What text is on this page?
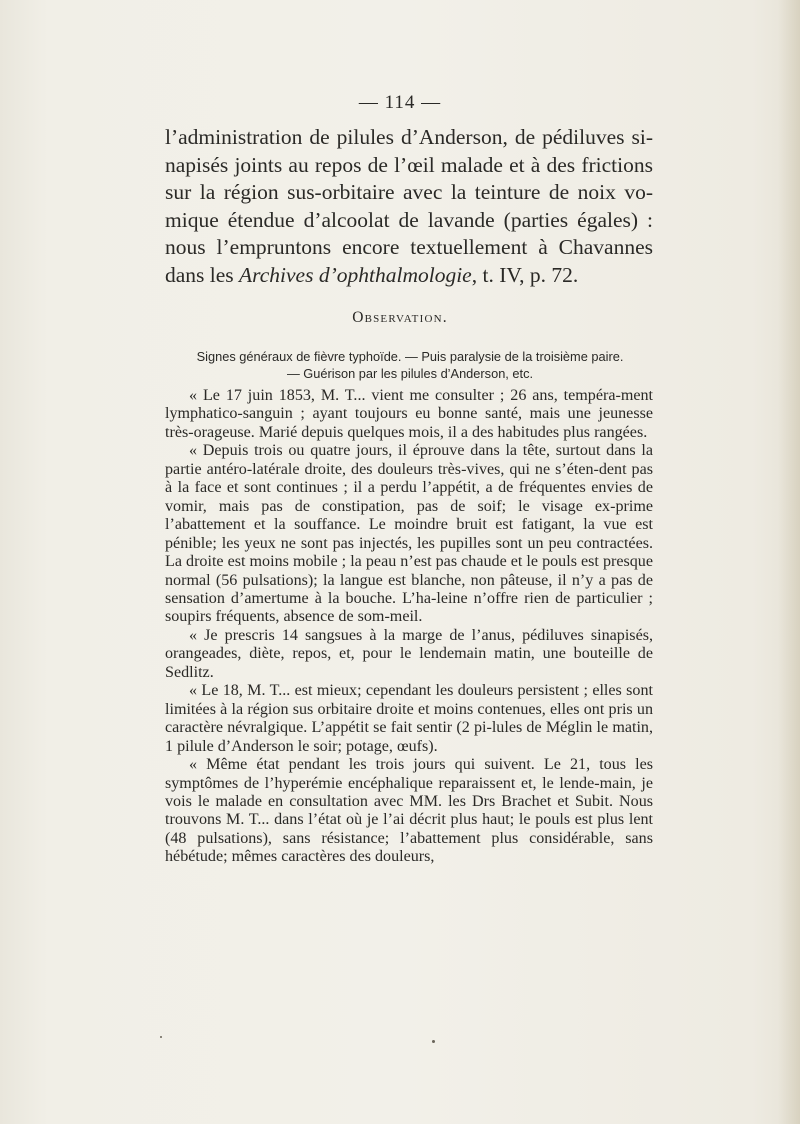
— 114 —

l’administration de pilules d’Anderson, de pédiluves si-napisés joints au repos de l’œil malade et à des frictions sur la région sus-orbitaire avec la teinture de noix vo-mique étendue d’alcoolat de lavande (parties égales) : nous l’empruntons encore textuellement à Chavannes dans les Archives d’ophthalmologie, t. IV, p. 72.

Observation.
Signes généraux de fièvre typhoïde. — Puis paralysie de la troisième paire. — Guérison par les pilules d’Anderson, etc.

« Le 17 juin 1853, M. T... vient me consulter ; 26 ans, tempéra-ment lymphatico-sanguin ; ayant toujours eu bonne santé, mais une jeunesse très-orageuse. Marié depuis quelques mois, il a des habitudes plus rangées.

« Depuis trois ou quatre jours, il éprouve dans la tête, surtout dans la partie antéro-latérale droite, des douleurs très-vives, qui ne s’éten-dent pas à la face et sont continues ; il a perdu l’appétit, a de fréquentes envies de vomir, mais pas de constipation, pas de soif; le visage ex-prime l’abattement et la souffance. Le moindre bruit est fatigant, la vue est pénible; les yeux ne sont pas injectés, les pupilles sont un peu contractées. La droite est moins mobile ; la peau n’est pas chaude et le pouls est presque normal (56 pulsations); la langue est blanche, non pâteuse, il n’y a pas de sensation d’amertume à la bouche. L’ha-leine n’offre rien de particulier ; soupirs fréquents, absence de som-meil.

« Je prescris 14 sangsues à la marge de l’anus, pédiluves sinapisés, orangeades, diète, repos, et, pour le lendemain matin, une bouteille de Sedlitz.

« Le 18, M. T... est mieux; cependant les douleurs persistent ; elles sont limitées à la région sus orbitaire droite et moins contenues, elles ont pris un caractère névralgique. L’appétit se fait sentir (2 pi-lules de Méglin le matin, 1 pilule d’Anderson le soir; potage, œufs).

« Même état pendant les trois jours qui suivent. Le 21, tous les symptômes de l’hyperémie encéphalique reparaissent et, le lende-main, je vois le malade en consultation avec MM. les Drs Brachet et Subit. Nous trouvons M. T... dans l’état où je l’ai décrit plus haut; le pouls est plus lent (48 pulsations), sans résistance; l’abattement plus considérable, sans hébétude; mêmes caractères des douleurs,
